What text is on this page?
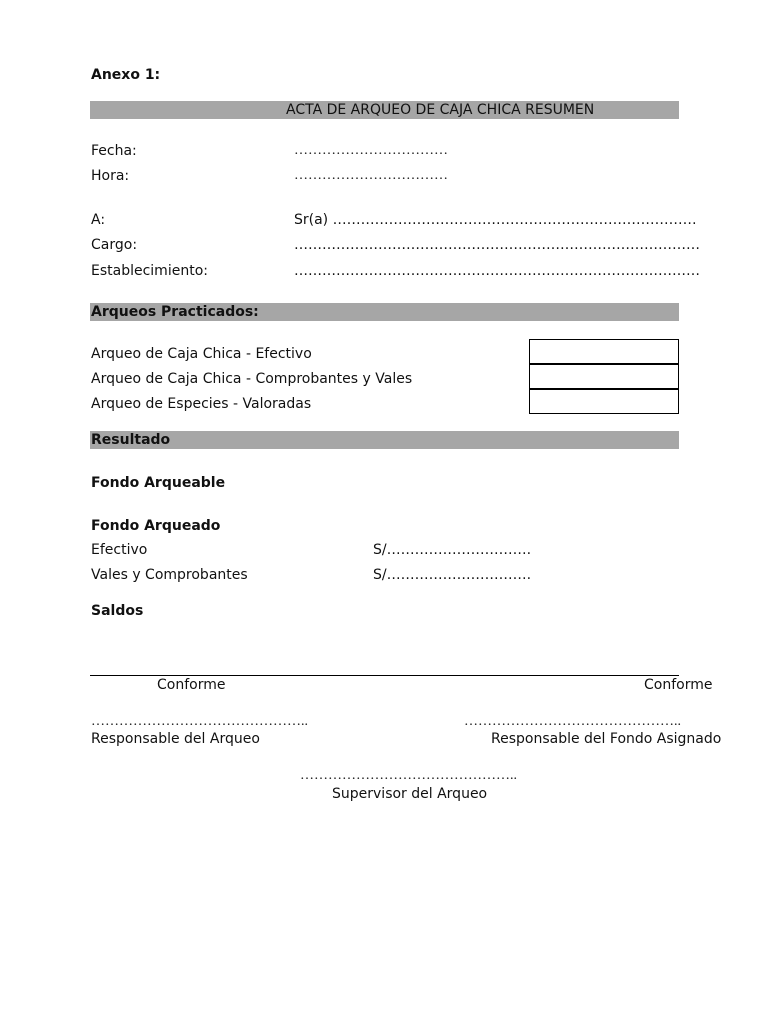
Anexo 1:
ACTA DE ARQUEO DE CAJA CHICA RESUMEN
Fecha:	……………………………
Hora:	……………………………
A:	Sr(a) ……………………………………………………………………
Cargo:	……………………………………………………………………………
Establecimiento:	……………………………………………………………………………
Arqueos Practicados:
Arqueo de Caja Chica - Efectivo
Arqueo de Caja Chica - Comprobantes y Vales
Arqueo de Especies - Valoradas
Resultado
Fondo Arqueable
Fondo Arqueado
Efectivo	S/………………………….
Vales y Comprobantes	S/………………………….
Saldos
Conforme	Conforme
………………………………………..
Responsable del Arqueo
………………………………………..
Responsable del Fondo Asignado
………………………………………..
Supervisor del Arqueo
